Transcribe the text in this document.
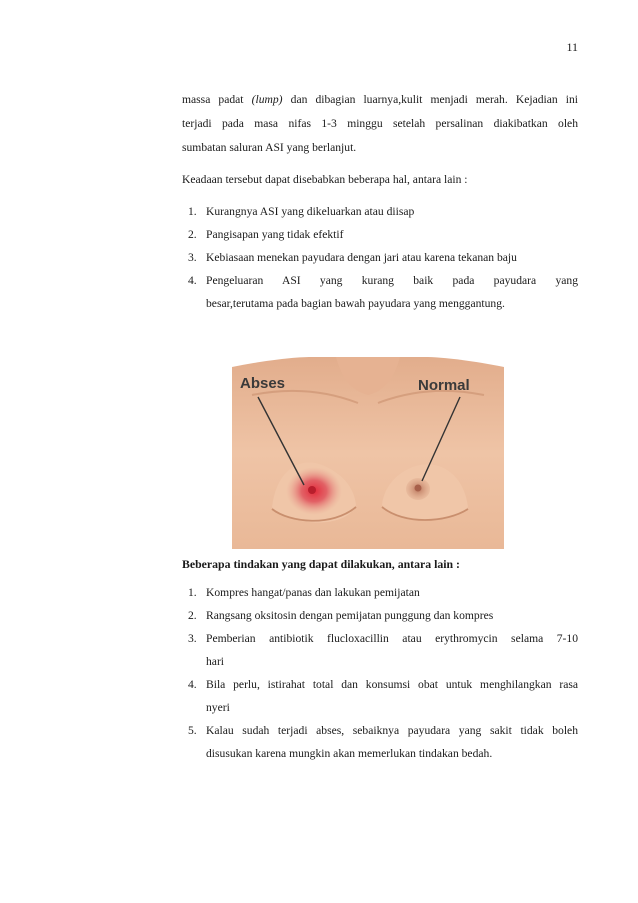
11

massa padat (lump) dan dibagian luarnya,kulit menjadi merah. Kejadian ini
terjadi pada masa nifas 1-3 minggu setelah persalinan diakibatkan oleh
sumbatan saluran ASI yang berlanjut.

Keadaan tersebut dapat disebabkan beberapa hal, antara lain :
1. Kurangnya ASI yang dikeluarkan atau diisap
2. Pangisapan yang tidak efektif
3. Kebiasaan menekan payudara dengan jari atau karena tekanan baju
4. Pengeluaran ASI yang kurang baik pada payudara yang
besar,terutama pada bagian bawah payudara yang menggantung.
Abses	Normal
Beberapa tindakan yang dapat dilakukan, antara lain :
1. Kompres hangat/panas dan lakukan pemijatan
2. Rangsang oksitosin dengan pemijatan punggung dan kompres
3. Pemberian antibiotik flucloxacillin atau erythromycin selama 7-10
hari
4. Bila perlu, istirahat total dan konsumsi obat untuk menghilangkan rasa
nyeri
5. Kalau sudah terjadi abses, sebaiknya payudara yang sakit tidak boleh
disusukan karena mungkin akan memerlukan tindakan bedah.
